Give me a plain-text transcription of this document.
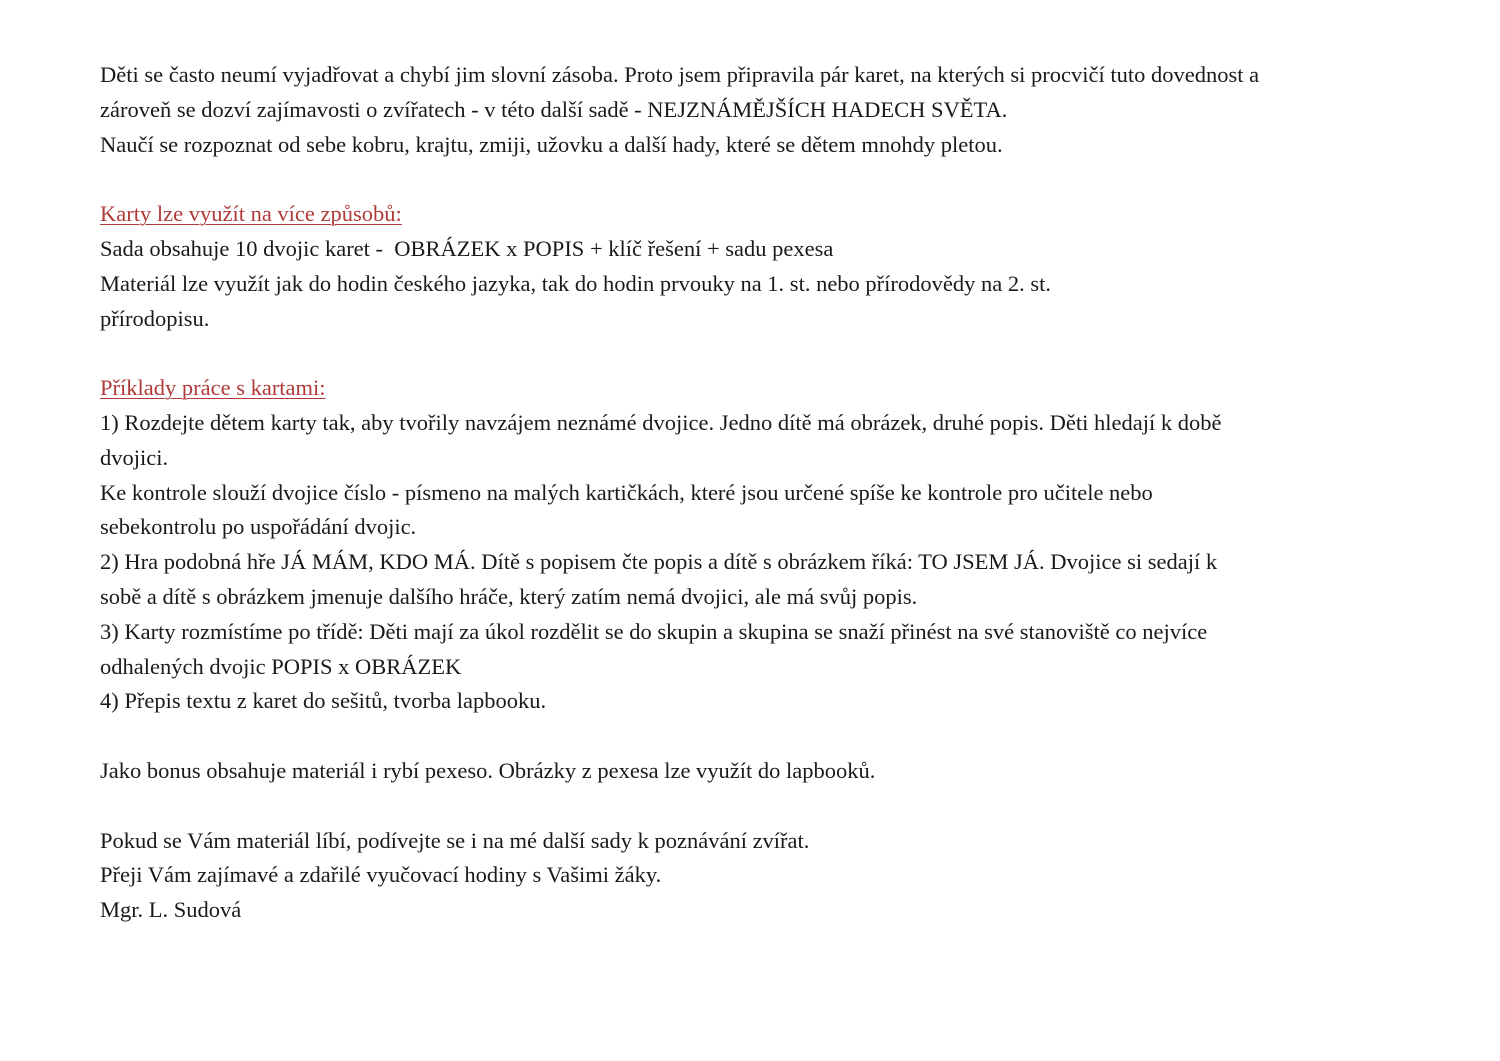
Děti se často neumí vyjadřovat a chybí jim slovní zásoba. Proto jsem připravila pár karet, na kterých si procvičí tuto dovednost a

zároveň se dozví zajímavosti o zvířatech - v této další sadě - NEJZNÁMĚJŠÍCH HADECH SVĚTA.

Naučí se rozpoznat od sebe kobru, krajtu, zmiji, užovku a další hady, které se dětem mnohdy pletou.

Karty lze využít na více způsobů:

Sada obsahuje 10 dvojic karet -  OBRÁZEK x POPIS + klíč řešení + sadu pexesa

Materiál lze využít jak do hodin českého jazyka, tak do hodin prvouky na 1. st. nebo přírodovědy na 2. st.

přírodopisu.

Příklady práce s kartami:

1) Rozdejte dětem karty tak, aby tvořily navzájem neznámé dvojice. Jedno dítě má obrázek, druhé popis. Děti hledají k době

dvojici.

Ke kontrole slouží dvojice číslo - písmeno na malých kartičkách, které jsou určené spíše ke kontrole pro učitele nebo

sebekontrolu po uspořádání dvojic.

2) Hra podobná hře JÁ MÁM, KDO MÁ. Dítě s popisem čte popis a dítě s obrázkem říká: TO JSEM JÁ. Dvojice si sedají k

sobě a dítě s obrázkem jmenuje dalšího hráče, který zatím nemá dvojici, ale má svůj popis.

3) Karty rozmístíme po třídě: Děti mají za úkol rozdělit se do skupin a skupina se snaží přinést na své stanoviště co nejvíce

odhalených dvojic POPIS x OBRÁZEK

4) Přepis textu z karet do sešitů, tvorba lapbooku.

Jako bonus obsahuje materiál i rybí pexeso. Obrázky z pexesa lze využít do lapbooků.

Pokud se Vám materiál líbí, podívejte se i na mé další sady k poznávání zvířat.

Přeji Vám zajímavé a zdařilé vyučovací hodiny s Vašimi žáky.

Mgr. L. Sudová
